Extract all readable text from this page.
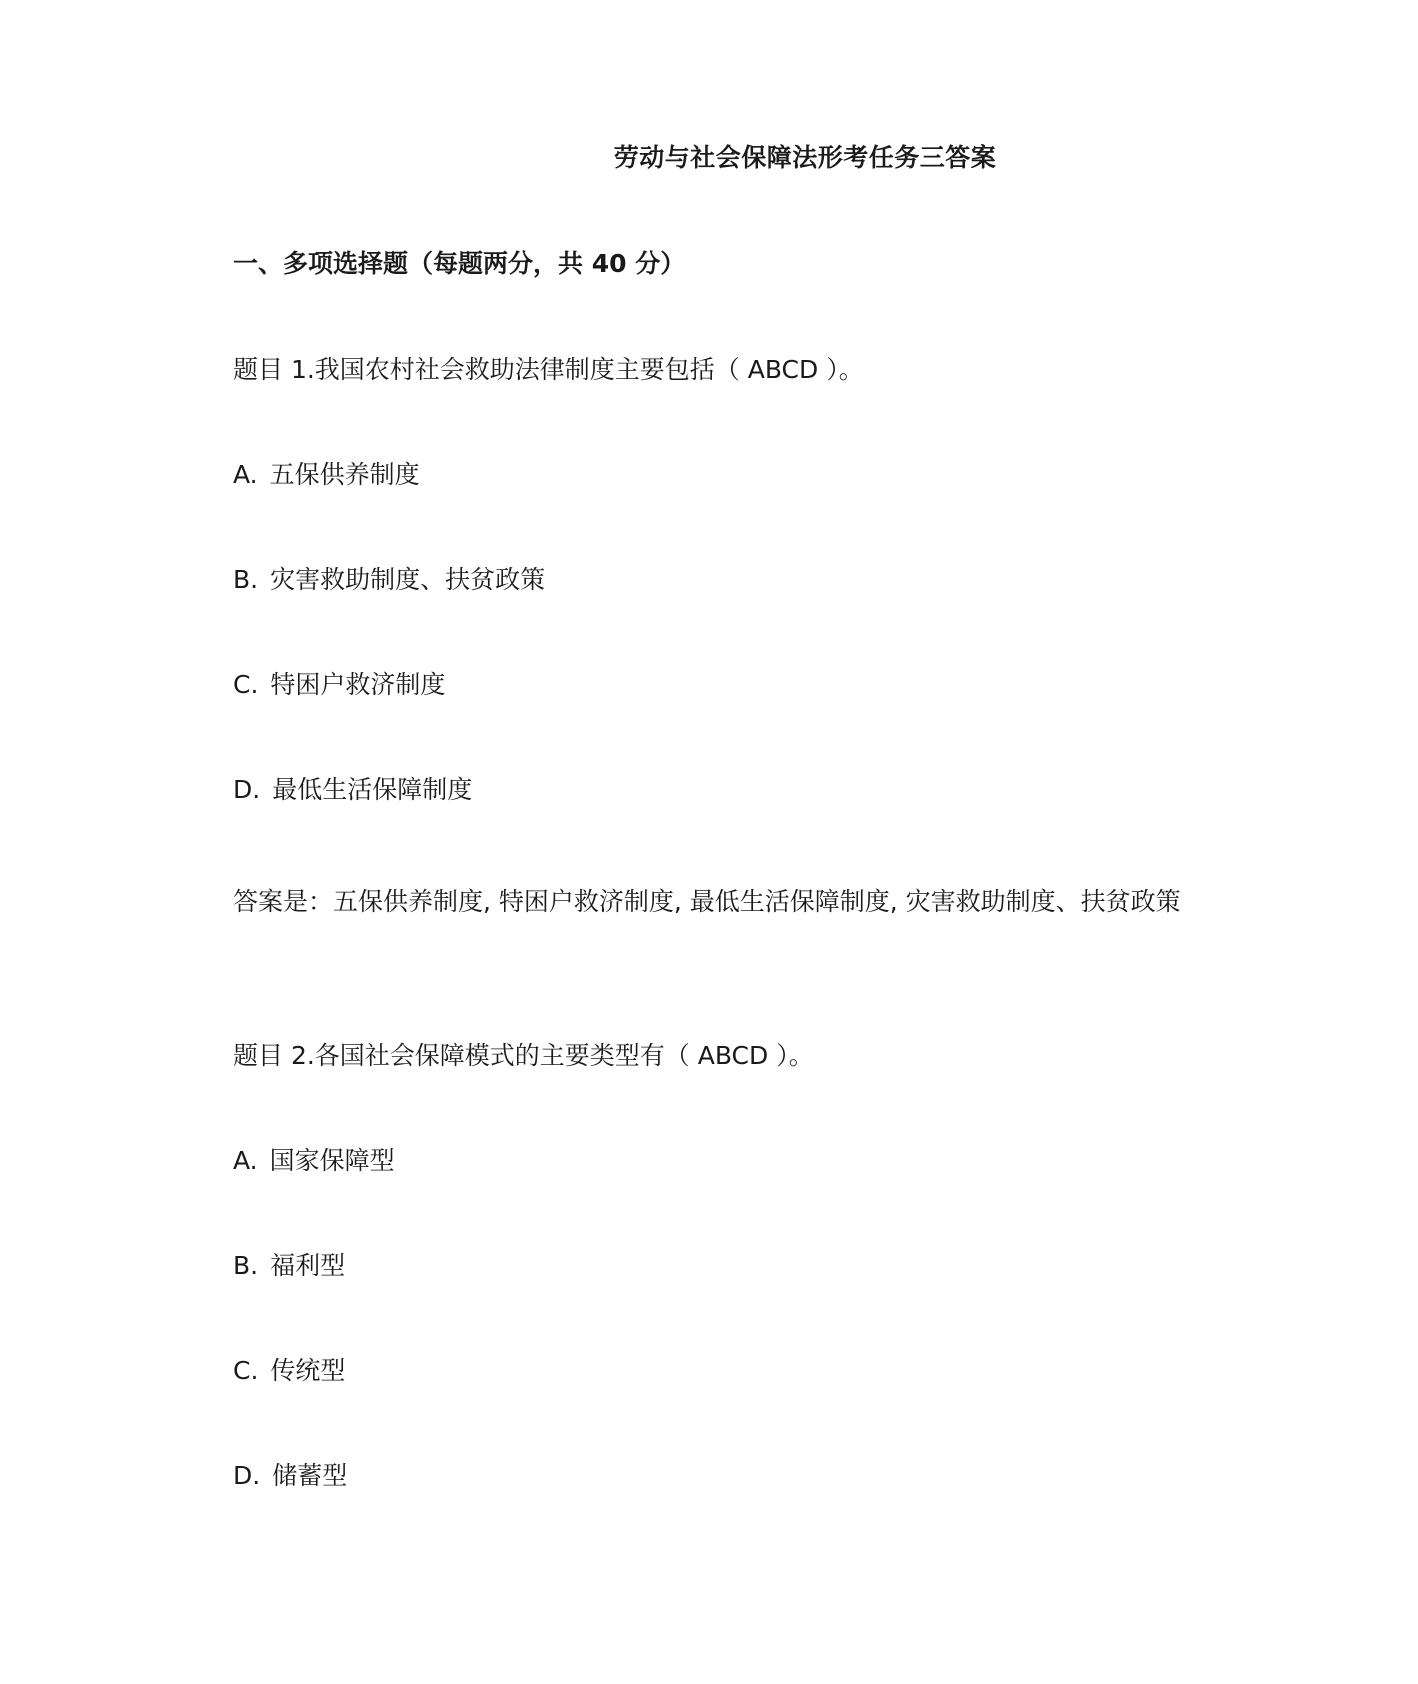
劳动与社会保障法形考任务三答案
一、多项选择题（每题两分，共 40 分）
题目 1.我国农村社会救助法律制度主要包括（ ABCD ）。
A. 五保供养制度
B. 灾害救助制度、扶贫政策
C. 特困户救济制度
D. 最低生活保障制度
答案是：五保供养制度, 特困户救济制度, 最低生活保障制度, 灾害救助制度、扶贫政策
题目 2.各国社会保障模式的主要类型有（ ABCD ）。
A. 国家保障型
B. 福利型
C. 传统型
D. 储蓄型
